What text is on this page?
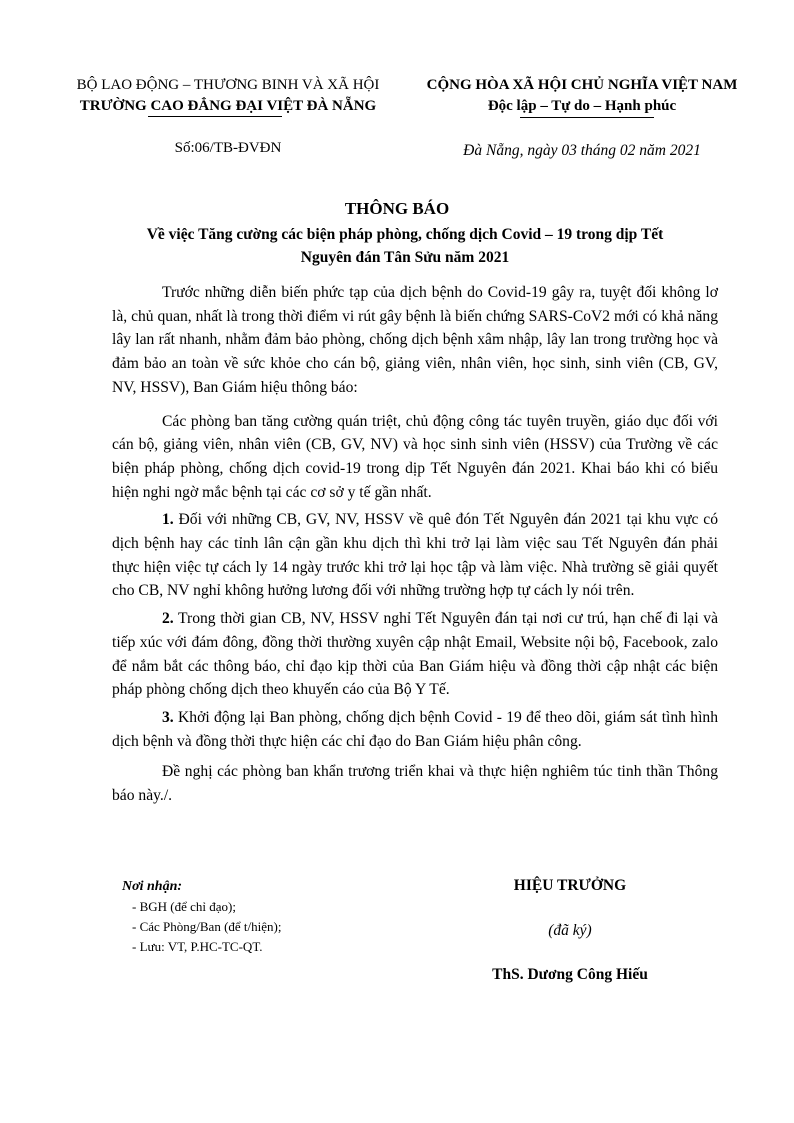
BỘ LAO ĐỘNG – THƯƠNG BINH VÀ XÃ HỘI
TRƯỜNG CAO ĐẲNG ĐẠI VIỆT ĐÀ NẴNG
CỘNG HÒA XÃ HỘI CHỦ NGHĨA VIỆT NAM
Độc lập – Tự do – Hạnh phúc
Số:06/TB-ĐVĐN	Đà Nẵng, ngày 03 tháng 02 năm 2021
THÔNG BÁO
Về việc Tăng cường các biện pháp phòng, chống dịch Covid – 19 trong dịp Tết
Nguyên đán Tân Sửu năm 2021

Trước những diễn biến phức tạp của dịch bệnh do Covid-19 gây ra, tuyệt đối không lơ là, chủ quan, nhất là trong thời điểm vi rút gây bệnh là biến chứng SARS-CoV2 mới có khả năng lây lan rất nhanh, nhằm đảm bảo phòng, chống dịch bệnh xâm nhập, lây lan trong trường học và đảm bảo an toàn về sức khỏe cho cán bộ, giảng viên, nhân viên, học sinh, sinh viên (CB, GV, NV, HSSV), Ban Giám hiệu thông báo:

Các phòng ban tăng cường quán triệt, chủ động công tác tuyên truyền, giáo dục đối với cán bộ, giảng viên, nhân viên (CB, GV, NV) và học sinh sinh viên (HSSV) của Trường về các biện pháp phòng, chống dịch covid-19 trong dịp Tết Nguyên đán 2021. Khai báo khi có biểu hiện nghi ngờ mắc bệnh tại các cơ sở y tế gần nhất.

1. Đối với những CB, GV, NV, HSSV về quê đón Tết Nguyên đán 2021 tại khu vực có dịch bệnh hay các tỉnh lân cận gần khu dịch thì khi trở lại làm việc sau Tết Nguyên đán phải thực hiện việc tự cách ly 14 ngày trước khi trở lại học tập và làm việc. Nhà trường sẽ giải quyết cho CB, NV nghỉ không hưởng lương đối với những trường hợp tự cách ly nói trên.

2. Trong thời gian CB, NV, HSSV nghỉ Tết Nguyên đán tại nơi cư trú, hạn chế đi lại và tiếp xúc với đám đông, đồng thời thường xuyên cập nhật Email, Website nội bộ, Facebook, zalo để nắm bắt các thông báo, chỉ đạo kịp thời của Ban Giám hiệu và đồng thời cập nhật các biện pháp phòng chống dịch theo khuyến cáo của Bộ Y Tế.

3. Khởi động lại Ban phòng, chống dịch bệnh Covid - 19 để theo dõi, giám sát tình hình dịch bệnh và đồng thời thực hiện các chỉ đạo do Ban Giám hiệu phân công.

Đề nghị các phòng ban khẩn trương triển khai và thực hiện nghiêm túc tinh thần Thông báo này./.

Nơi nhận:
- BGH (để chỉ đạo);
- Các Phòng/Ban (để t/hiện);
- Lưu: VT, P.HC-TC-QT.
HIỆU TRƯỞNG
(đã ký)
ThS. Dương Công Hiếu
